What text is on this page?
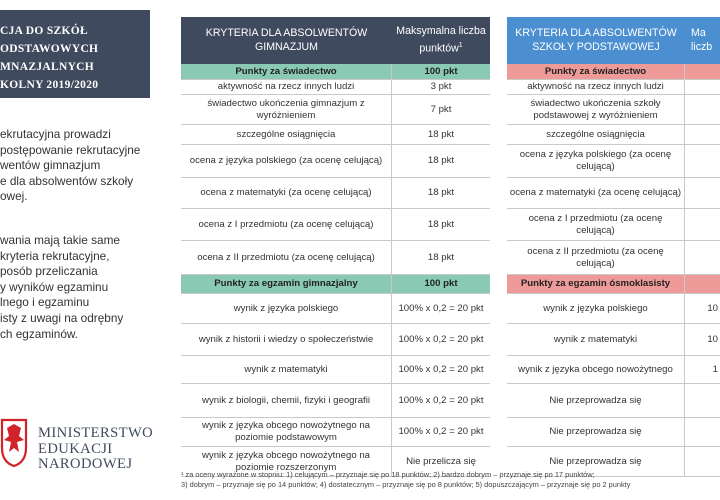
CJA DO SZKÓŁ
ODSTAWOWYCH
MNAZJALNYCH
KOLNY 2019/2020
ekrutacyjna prowadzi
postępowanie rekrutacyjne
wentów gimnazjum
e dla absolwentów szkoły
owej.
wania mają takie same
kryteria rekrutacyjne,
posób przeliczania
y wyników egzaminu
lnego i egzaminu
isty z uwagi na odrębny
ch egzaminów.
MINISTERSTWO
EDUKACJI
NARODOWEJ
KRYTERIA DLA ABSOLWENTÓW GIMNAZJUM	Maksymalna liczba punktów$^1$
Punkty za świadectwo	100 pkt
aktywność na rzecz innych ludzi	3 pkt
świadectwo ukończenia gimnazjum z wyróżnieniem	7 pkt
szczególne osiągnięcia	18 pkt
ocena z języka polskiego (za ocenę celującą)	18 pkt
ocena z matematyki (za ocenę celującą)	18 pkt
ocena z I przedmiotu (za ocenę celującą)	18 pkt
ocena z II przedmiotu (za ocenę celującą)	18 pkt
Punkty za egzamin gimnazjalny	100 pkt
wynik z języka polskiego	100% x 0,2 = 20 pkt
wynik z historii i wiedzy o społeczeństwie	100% x 0,2 = 20 pkt
wynik z matematyki	100% x 0,2 = 20 pkt
wynik z biologii, chemii, fizyki i geografii	100% x 0,2 = 20 pkt
wynik z języka obcego nowożytnego na poziomie podstawowym	100% x 0,2 = 20 pkt
wynik z języka obcego nowożytnego na poziomie rozszerzonym	Nie przelicza się
KRYTERIA DLA ABSOLWENTÓW SZKOŁY PODSTAWOWEJ	Ma liczb
Punkty za świadectwo	
aktywność na rzecz innych ludzi	
świadectwo ukończenia szkoły podstawowej z wyróżnieniem	
szczególne osiągnięcia	
ocena z języka polskiego (za ocenę celującą)	
ocena z matematyki (za ocenę celującą)	
ocena z I przedmiotu (za ocenę celującą)	
ocena z II przedmiotu (za ocenę celującą)	
Punkty za egzamin ósmoklasisty	
wynik z języka polskiego	10
wynik z matematyki	10
wynik z języka obcego nowożytnego	1
Nie przeprowadza się	
Nie przeprowadza się	
Nie przeprowadza się	
¹ za oceny wyrażone w stopniu: 1) celującym – przyznaje się po 18 punktów; 2) bardzo dobrym – przyznaje się po 17 punktów;
3) dobrym – przyznaje się po 14 punktów; 4) dostatecznym – przyznaje się po 8 punktów; 5) dopuszczającym – przyznaje się po 2 punkty
